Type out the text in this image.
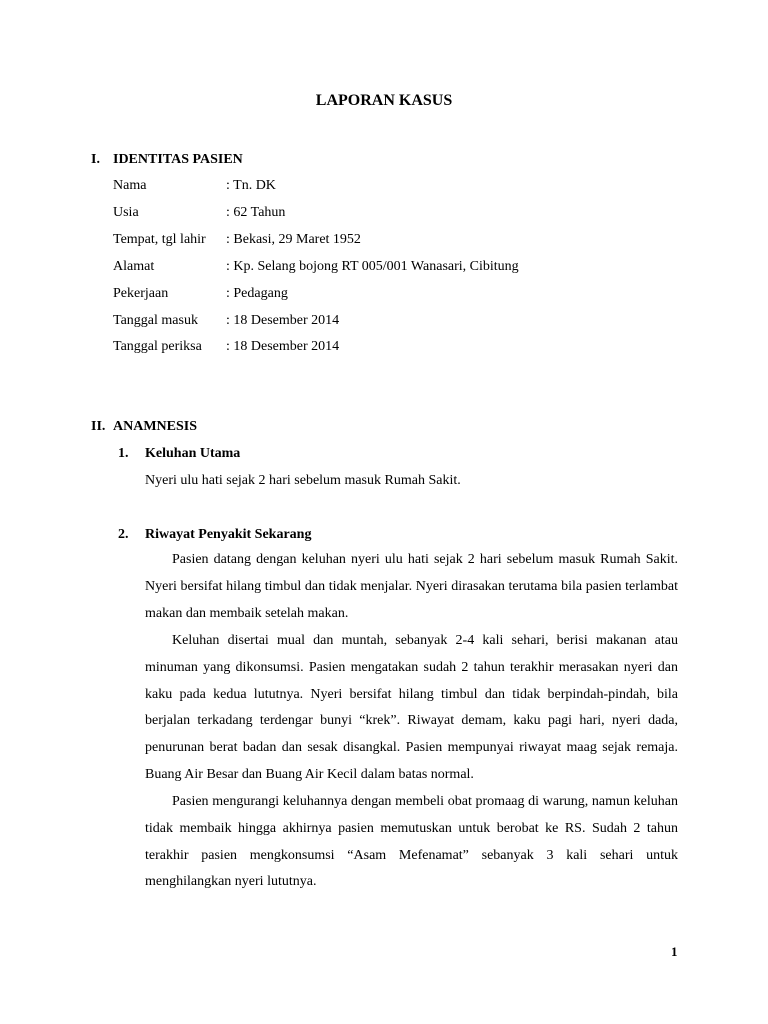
LAPORAN KASUS
I. IDENTITAS PASIEN
Nama	: Tn. DK
Usia	: 62 Tahun
Tempat, tgl lahir : Bekasi, 29 Maret 1952
Alamat	: Kp. Selang bojong RT 005/001 Wanasari, Cibitung
Pekerjaan	: Pedagang
Tanggal masuk : 18 Desember 2014
Tanggal periksa : 18 Desember 2014
II. ANAMNESIS
1. Keluhan Utama
Nyeri ulu hati sejak 2 hari sebelum masuk Rumah Sakit.
2. Riwayat Penyakit Sekarang

Pasien datang dengan keluhan nyeri ulu hati sejak 2 hari sebelum masuk Rumah Sakit. Nyeri bersifat hilang timbul dan tidak menjalar. Nyeri dirasakan terutama bila pasien terlambat makan dan membaik setelah makan.

Keluhan disertai mual dan muntah, sebanyak 2-4 kali sehari, berisi makanan atau minuman yang dikonsumsi. Pasien mengatakan sudah 2 tahun terakhir merasakan nyeri dan kaku pada kedua lututnya. Nyeri bersifat hilang timbul dan tidak berpindah-pindah, bila berjalan terkadang terdengar bunyi “krek”. Riwayat demam, kaku pagi hari, nyeri dada, penurunan berat badan dan sesak disangkal. Pasien mempunyai riwayat maag sejak remaja. Buang Air Besar dan Buang Air Kecil dalam batas normal.

Pasien mengurangi keluhannya dengan membeli obat promaag di warung, namun keluhan tidak membaik hingga akhirnya pasien memutuskan untuk berobat ke RS. Sudah 2 tahun terakhir pasien mengkonsumsi “Asam Mefenamat” sebanyak 3 kali sehari untuk menghilangkan nyeri lututnya.

1
